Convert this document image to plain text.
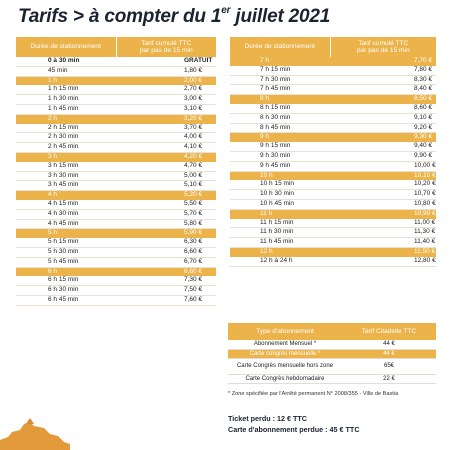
Tarifs > à compter du 1er juillet 2021
Durée de stationnement	Tarif cumulé TTC
par pas de 15 min
0 à 30 min	GRATUIT
45 min	1,80 €
1 h	2,00 €
1 h 15 min	2,70 €
1 h 30 min	3,00 €
1 h 45 min	3,10 €
2 h	3,20 €
2 h 15 min	3,70 €
2 h 30 min	4,00 €
2 h 45 min	4,10 €
3 h	4,20 €
3 h 15 min	4,70 €
3 h 30 min	5,00 €
3 h 45 min	5,10 €
4 h	5,20 €
4 h 15 min	5,50 €
4 h 30 min	5,70 €
4 h 45 min	5,80 €
5 h	5,90 €
5 h 15 min	6,30 €
5 h 30 min	6,60 €
5 h 45 min	6,70 €
6 h	6,80 €
6 h 15 min	7,30 €
6 h 30 min	7,50 €
6 h 45 min	7,60 €
Durée de stationnement	Tarif cumulé TTC
par pas de 15 min
7 h	7,70 €
7 h 15 min	7,80 €
7 h 30 min	8,30 €
7 h 45 min	8,40 €
8 h	8,50 €
8 h 15 min	8,60 €
8 h 30 min	9,10 €
8 h 45 min	9,20 €
9 h	9,30 €
9 h 15 min	9,40 €
9 h 30 min	9,90 €
9 h 45 min	10,00 €
10 h	10,10 €
10 h 15 min	10,20 €
10 h 30 min	10,70 €
10 h 45 min	10,80 €
11 h	10,90 €
11 h 15 min	11,00 €
11 h 30 min	11,30 €
11 h 45 min	11,40 €
12 h	11,50 €
12 h à 24 h	12,80 €
Type d'abonnement	Tarif Citadelle TTC
Abonnement Mensuel *	44 €
Carte congrès mensuelle *	44 €
Carte Congrès mensuelle hors zone	65€
Carte Congrès hebdomadaire	22 €
* Zone spécifiée par l'Arrêté permanent N° 2008/355 - Ville de Bastia
Ticket perdu : 12 € TTC
Carte d'abonnement perdue : 45 € TTC
